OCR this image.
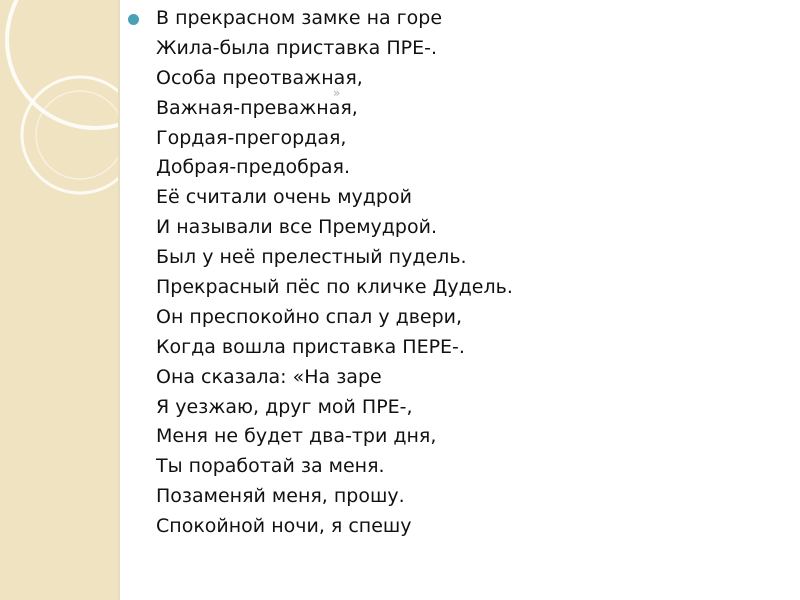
В прекрасном замке на горе
Жила-была приставка ПРЕ-.
Особа преотважная,
Важная-преважная,
Гордая-прегордая,
Добрая-предобрая.
Её считали очень мудрой
И называли все Премудрой.
Был у неё прелестный пудель.
Прекрасный пёс по кличке Дудель.
Он преспокойно спал у двери,
Когда вошла приставка ПЕРЕ-.
Она сказала: «На заре
Я уезжаю, друг мой ПРЕ-,
Меня не будет два-три дня,
Ты поработай за меня.
Позаменяй меня, прошу.
Спокойной ночи, я спешу
»
